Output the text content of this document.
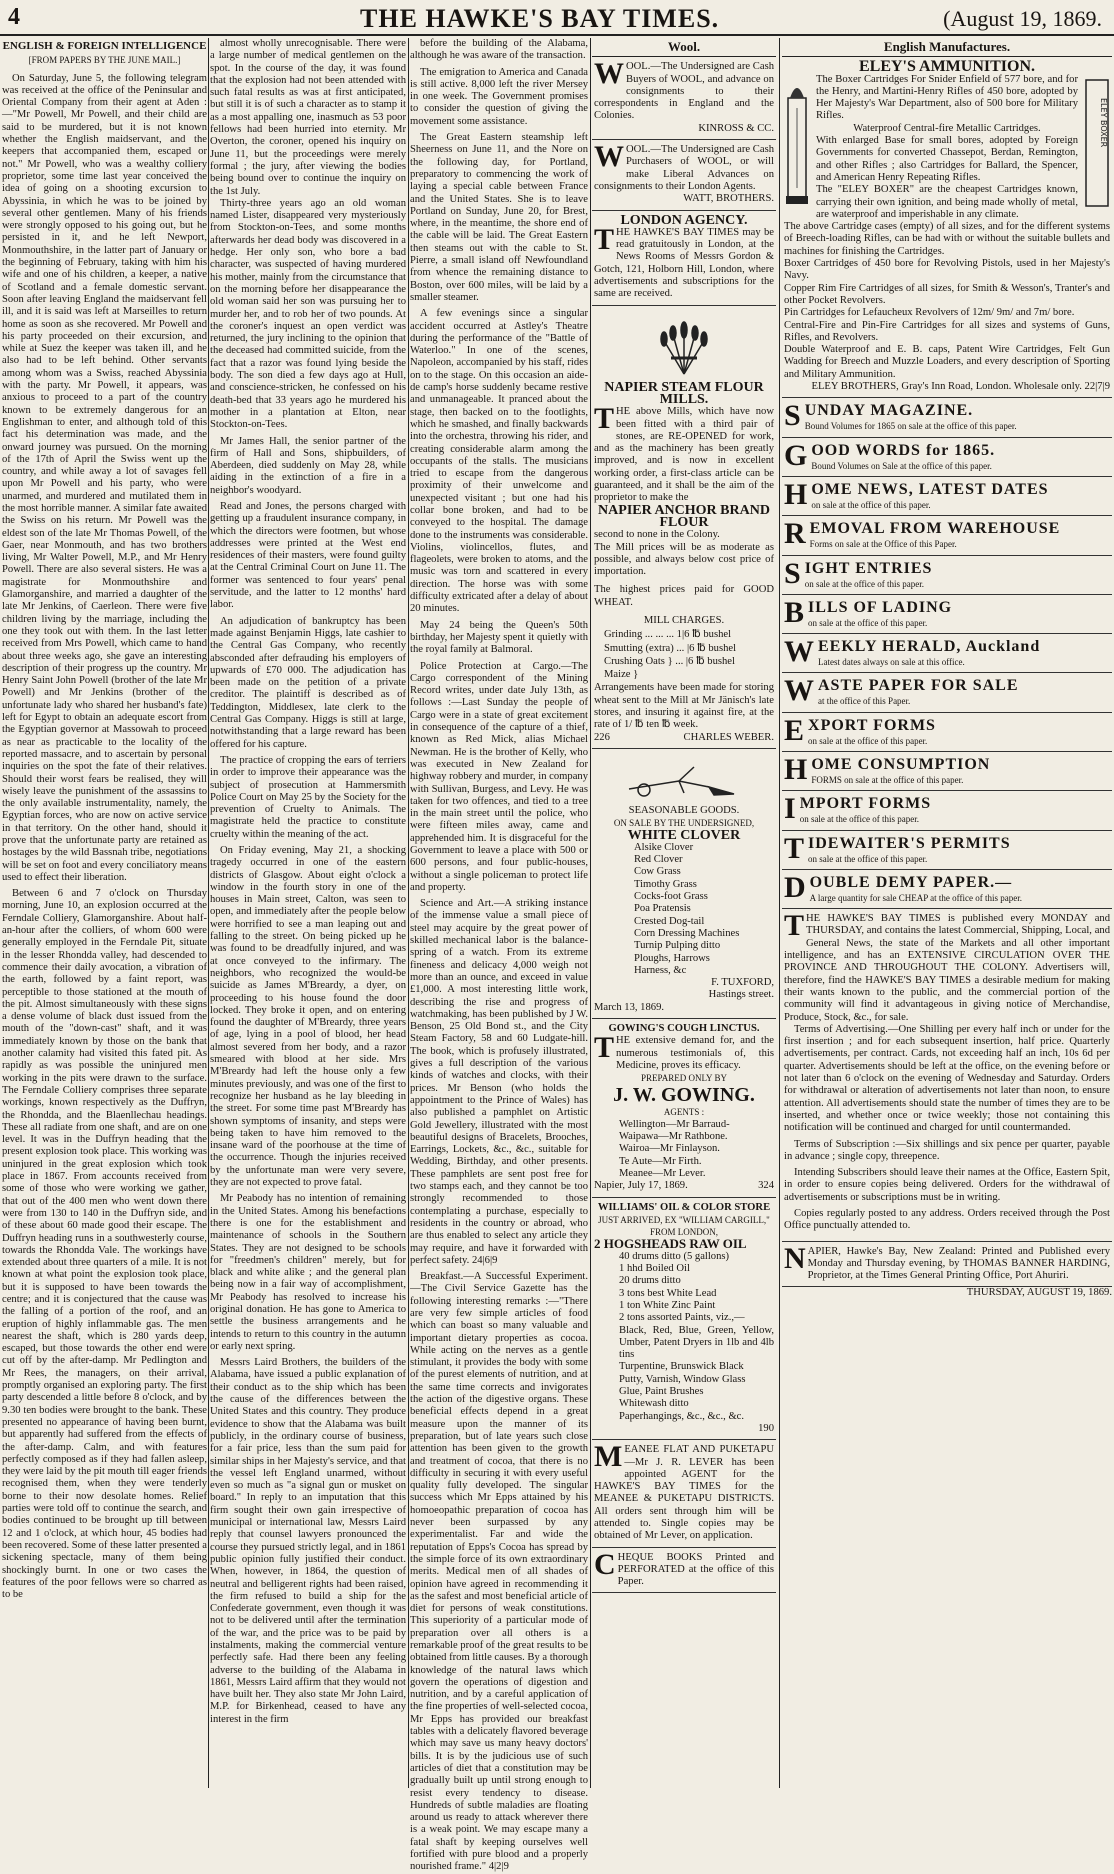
4	THE HAWKE'S BAY TIMES.	(August 19, 1869.
ENGLISH & FOREIGN INTELLIGENCE
[FROM PAPERS BY THE JUNE MAIL.]

On Saturday, June 5, the following telegram was received at the office of the Peninsular and Oriental Company from their agent at Aden :—"Mr Powell, Mr Powell, and their child are said to be murdered, but it is not known whether the English maidservant, and the keepers that accompanied them, escaped or not." Mr Powell, who was a wealthy colliery proprietor, some time last year conceived the idea of going on a shooting excursion to Abyssinia, in which he was to be joined by several other gentlemen. Many of his friends were strongly opposed to his going out, but he persisted in it, and he left Newport, Monmouthshire, in the latter part of January or the beginning of February, taking with him his wife and one of his children, a keeper, a native of Scotland and a female domestic servant. Soon after leaving England the maidservant fell ill, and it is said was left at Marseilles to return home as soon as she recovered. Mr Powell and his party proceeded on their excursion, and while at Suez the keeper was taken ill, and he also had to be left behind. Other servants among whom was a Swiss, reached Abyssinia with the party. Mr Powell, it appears, was anxious to proceed to a part of the country known to be extremely dangerous for an Englishman to enter, and although told of this fact his determination was made, and the onward journey was pursued. On the morning of the 17th of April the Swiss went up the country, and while away a lot of savages fell upon Mr Powell and his party, who were unarmed, and murdered and mutilated them in the most horrible manner. A similar fate awaited the Swiss on his return. Mr Powell was the eldest son of the late Mr Thomas Powell, of the Gaer, near Monmouth, and has two brothers living, Mr Walter Powell, M.P., and Mr Henry Powell. There are also several sisters. He was a magistrate for Monmouthshire and Glamorganshire, and married a daughter of the late Mr Jenkins, of Caerleon. There were five children living by the marriage, including the one they took out with them. In the last letter received from Mrs Powell, which came to hand about three weeks ago, she gave an interesting description of their progress up the country. Mr Henry Saint John Powell (brother of the late Mr Powell) and Mr Jenkins (brother of the unfortunate lady who shared her husband's fate) left for Egypt to obtain an adequate escort from the Egyptian governor at Massowah to proceed as near as practicable to the locality of the reported massacre, and to ascertain by personal inquiries on the spot the fate of their relatives. Should their worst fears be realised, they will wisely leave the punishment of the assassins to the only available instrumentality, namely, the Egyptian forces, who are now on active service in that territory. On the other hand, should it prove that the unfortunate party are retained as hostages by the wild Bassnah tribe, negotiations will be set on foot and every conciliatory means used to effect their liberation.

Between 6 and 7 o'clock on Thursday morning, June 10, an explosion occurred at the Ferndale Colliery, Glamorganshire. About half-an-hour after the colliers, of whom 600 were generally employed in the Ferndale Pit, situate in the lesser Rhondda valley, had descended to commence their daily avocation, a vibration of the earth, followed by a faint report, was perceptible to those stationed at the mouth of the pit. Almost simultaneously with these signs a dense volume of black dust issued from the mouth of the "down-cast" shaft, and it was immediately known by those on the bank that another calamity had visited this fated pit. As rapidly as was possible the uninjured men working in the pits were drawn to the surface. The Ferndale Colliery comprises three separate workings, known respectively as the Duffryn, the Rhondda, and the Blaenllechau headings. These all radiate from one shaft, and are on one level. It was in the Duffryn heading that the present explosion took place. This working was uninjured in the great explosion which took place in 1867. From accounts received from some of those who were working we gather, that out of the 400 men who went down there were from 130 to 140 in the Duffryn side, and of these about 60 made good their escape. The Duffryn heading runs in a southwesterly course, towards the Rhondda Vale. The workings have extended about three quarters of a mile. It is not known at what point the explosion took place, but it is supposed to have been towards the centre; and it is conjectured that the cause was the falling of a portion of the roof, and an eruption of highly inflammable gas. The men nearest the shaft, which is 280 yards deep, escaped, but those towards the other end were cut off by the after-damp. Mr Pedlington and Mr Rees, the managers, on their arrival, promptly organised an exploring party. The first party descended a little before 8 o'clock, and by 9.30 ten bodies were brought to the bank. These presented no appearance of having been burnt, but apparently had suffered from the effects of the after-damp. Calm, and with features perfectly composed as if they had fallen asleep, they were laid by the pit mouth till eager friends recognised them, when they were tenderly borne to their now desolate homes. Relief parties were told off to continue the search, and bodies continued to be brought up till between 12 and 1 o'clock, at which hour, 45 bodies had been recovered. Some of these latter presented a sickening spectacle, many of them being shockingly burnt. In one or two cases the features of the poor fellows were so charred as to be

almost wholly unrecognisable. There were a large number of medical gentlemen on the spot. In the course of the day, it was found that the explosion had not been attended with such fatal results as was at first anticipated, but still it is of such a character as to stamp it as a most appalling one, inasmuch as 53 poor fellows had been hurried into eternity. Mr Overton, the coroner, opened his inquiry on June 11, but the proceedings were merely formal ; the jury, after viewing the bodies being bound over to continue the inquiry on the 1st July.

Thirty-three years ago an old woman named Lister, disappeared very mysteriously from Stockton-on-Tees, and some months afterwards her dead body was discovered in a hedge. Her only son, who bore a bad character, was suspected of having murdered his mother, mainly from the circumstance that on the morning before her disappearance the old woman said her son was pursuing her to murder her, and to rob her of two pounds. At the coroner's inquest an open verdict was returned, the jury inclining to the opinion that the deceased had committed suicide, from the fact that a razor was found lying beside the body. The son died a few days ago at Hull, and conscience-stricken, he confessed on his death-bed that 33 years ago he murdered his mother in a plantation at Elton, near Stockton-on-Tees.

Mr James Hall, the senior partner of the firm of Hall and Sons, shipbuilders, of Aberdeen, died suddenly on May 28, while aiding in the extinction of a fire in a neighbor's woodyard.

Read and Jones, the persons charged with getting up a fraudulent insurance company, in which the directors were footmen, but whose addresses were printed at the West end residences of their masters, were found guilty at the Central Criminal Court on June 11. The former was sentenced to four years' penal servitude, and the latter to 12 months' hard labor.

An adjudication of bankruptcy has been made against Benjamin Higgs, late cashier to the Central Gas Company, who recently absconded after defrauding his employers of upwards of £70 000. The adjudication has been made on the petition of a private creditor. The plaintiff is described as of Teddington, Middlesex, late clerk to the Central Gas Company. Higgs is still at large, notwithstanding that a large reward has been offered for his capture.

The practice of cropping the ears of terriers in order to improve their appearance was the subject of prosecution at Hammersmith Police Court on May 25 by the Society for the prevention of Cruelty to Animals. The magistrate held the practice to constitute cruelty within the meaning of the act.

On Friday evening, May 21, a shocking tragedy occurred in one of the eastern districts of Glasgow. About eight o'clock a window in the fourth story in one of the houses in Main street, Calton, was seen to open, and immediately after the people below were horrified to see a man leaping out and falling to the street. On being picked up he was found to be dreadfully injured, and was at once conveyed to the infirmary. The neighbors, who recognized the would-be suicide as James M'Breardy, a dyer, on proceeding to his house found the door locked. They broke it open, and on entering found the daughter of M'Breardy, three years of age, lying in a pool of blood, her head almost severed from her body, and a razor smeared with blood at her side. Mrs M'Breardy had left the house only a few minutes previously, and was one of the first to recognize her husband as he lay bleeding in the street. For some time past M'Breardy has shown symptoms of insanity, and steps were being taken to have him removed to the insane ward of the poorhouse at the time of the occurrence. Though the injuries received by the unfortunate man were very severe, they are not expected to prove fatal.

Mr Peabody has no intention of remaining in the United States. Among his benefactions there is one for the establishment and maintenance of schools in the Southern States. They are not designed to be schools for "freedmen's children" merely, but for black and white alike ; and the general plan being now in a fair way of accomplishment, Mr Peabody has resolved to increase his original donation. He has gone to America to settle the business arrangements and he intends to return to this country in the autumn or early next spring.

Messrs Laird Brothers, the builders of the Alabama, have issued a public explanation of their conduct as to the ship which has been the cause of the differences between the United States and this country. They produce evidence to show that the Alabama was built publicly, in the ordinary course of business, for a fair price, less than the sum paid for similar ships in her Majesty's service, and that the vessel left England unarmed, without even so much as "a signal gun or musket on board." In reply to an imputation that this firm sought their own gain irrespective of municipal or international law, Messrs Laird reply that counsel lawyers pronounced the course they pursued strictly legal, and in 1861 public opinion fully justified their conduct. When, however, in 1864, the question of neutral and belligerent rights had been raised, the firm refused to build a ship for the Confederate government, even though it was not to be delivered until after the termination of the war, and the price was to be paid by instalments, making the commercial venture perfectly safe. Had there been any feeling adverse to the building of the Alabama in 1861, Messrs Laird affirm that they would not have built her. They also state Mr John Laird, M.P. for Birkenhead, ceased to have any interest in the firm

before the building of the Alabama, although he was aware of the transaction.

The emigration to America and Canada is still active. 8,000 left the river Mersey in one week. The Government promises to consider the question of giving the movement some assistance.

The Great Eastern steamship left Sheerness on June 11, and the Nore on the following day, for Portland, preparatory to commencing the work of laying a special cable between France and the United States. She is to leave Portland on Sunday, June 20, for Brest, where, in the meantime, the shore end of the cable will be laid. The Great Eastern then steams out with the cable to St. Pierre, a small island off Newfoundland from whence the remaining distance to Boston, over 600 miles, will be laid by a smaller steamer.

A few evenings since a singular accident occurred at Astley's Theatre during the performance of the "Battle of Waterloo." In one of the scenes, Napoleon, accompanied by his staff, rides on to the stage. On this occasion an aide-de camp's horse suddenly became restive and unmanageable. It pranced about the stage, then backed on to the footlights, which he smashed, and finally backwards into the orchestra, throwing his rider, and creating considerable alarm among the occupants of the stalls. The musicians tried to escape from the dangerous proximity of their unwelcome and unexpected visitant ; but one had his collar bone broken, and had to be conveyed to the hospital. The damage done to the instruments was considerable. Violins, violincellos, flutes, and flageolets, were broken to atoms, and the music was torn and scattered in every direction. The horse was with some difficulty extricated after a delay of about 20 minutes.

May 24 being the Queen's 50th birthday, her Majesty spent it quietly with the royal family at Balmoral.

Police Protection at Cargo.—The Cargo correspondent of the Mining Record writes, under date July 13th, as follows :—Last Sunday the people of Cargo were in a state of great excitement in consequence of the capture of a thief, known as Red Mick, alias Michael Newman. He is the brother of Kelly, who was executed in New Zealand for highway robbery and murder, in company with Sullivan, Burgess, and Levy. He was taken for two offences, and tied to a tree in the main street until the police, who were fifteen miles away, came and apprehended him. It is disgraceful for the Government to leave a place with 500 or 600 persons, and four public-houses, without a single policeman to protect life and property.

Science and Art.—A striking instance of the immense value a small piece of steel may acquire by the great power of skilled mechanical labor is the balance-spring of a watch. From its extreme fineness and delicacy 4,000 weigh not more than an ounce, and exceed in value £1,000. A most interesting little work, describing the rise and progress of watchmaking, has been published by J W. Benson, 25 Old Bond st., and the City Steam Factory, 58 and 60 Ludgate-hill. The book, which is profusely illustrated, gives a full description of the various kinds of watches and clocks, with their prices. Mr Benson (who holds the appointment to the Prince of Wales) has also published a pamphlet on Artistic Gold Jewellery, illustrated with the most beautiful designs of Bracelets, Brooches, Earrings, Lockets, &c., &c., suitable for Wedding, Birthday, and other presents. These pamphlets are sent post free for two stamps each, and they cannot be too strongly recommended to those contemplating a purchase, especially to residents in the country or abroad, who are thus enabled to select any article they may require, and have it forwarded with perfect safety. 24|6|9

Breakfast.—A Successful Experiment.—The Civil Service Gazette has the following interesting remarks :—"There are very few simple articles of food which can boast so many valuable and important dietary properties as cocoa. While acting on the nerves as a gentle stimulant, it provides the body with some of the purest elements of nutrition, and at the same time corrects and invigorates the action of the digestive organs. These beneficial effects depend in a great measure upon the manner of its preparation, but of late years such close attention has been given to the growth and treatment of cocoa, that there is no difficulty in securing it with every useful quality fully developed. The singular success which Mr Epps attained by his homoeopathic preparation of cocoa has never been surpassed by any experimentalist. Far and wide the reputation of Epps's Cocoa has spread by the simple force of its own extraordinary merits. Medical men of all shades of opinion have agreed in recommending it as the safest and most beneficial article of diet for persons of weak constitutions. This superiority of a particular mode of preparation over all others is a remarkable proof of the great results to be obtained from little causes. By a thorough knowledge of the natural laws which govern the operations of digestion and nutrition, and by a careful application of the fine properties of well-selected cocoa, Mr Epps has provided our breakfast tables with a delicately flavored beverage which may save us many heavy doctors' bills. It is by the judicious use of such articles of diet that a constitution may be gradually built up until strong enough to resist every tendency to disease. Hundreds of subtle maladies are floating around us ready to attack wherever there is a weak point. We may escape many a fatal shaft by keeping ourselves well fortified with pure blood and a properly nourished frame." 4|2|9

Wool.
W OOL.—The Undersigned are Cash Buyers of WOOL, and advance on consignments to their correspondents in England and the Colonies.
KINROSS & CC.
W OOL.—The Undersigned are Cash Purchasers of WOOL, or will make Liberal Advances on consignments to their London Agents.
WATT, BROTHERS.
LONDON AGENCY.
T HE HAWKE'S BAY TIMES may be read gratuitously in London, at the News Rooms of Messrs Gordon & Gotch, 121, Holborn Hill, London, where advertisements and subscriptions for the same are received.
NAPIER STEAM FLOUR MILLS.
T HE above Mills, which have now been fitted with a third pair of stones, are RE-OPENED for work, and as the machinery has been greatly improved, and is now in excellent working order, a first-class article can be guaranteed, and it shall be the aim of the proprietor to make the
NAPIER ANCHOR BRAND FLOUR
second to none in the Colony.
The Mill prices will be as moderate as possible, and always below cost price of importation.
The highest prices paid for GOOD WHEAT.
MILL CHARGES.
Grinding ... ... ... 1|6 ℔ bushel
Smutting (extra) ... |6 ℔ bushel
Crushing Oats } ... |6 ℔ bushel
Maize }
Arrangements have been made for storing wheat sent to the Mill at Mr Jänisch's late stores, and insuring it against fire, at the rate of 1/ ℔ ten ℔ week.
226	CHARLES WEBER.
SEASONABLE GOODS.
ON SALE BY THE UNDERSIGNED,
WHITE CLOVER
Alsike Clover
Red Clover
Cow Grass
Timothy Grass
Cocks-foot Grass
Poa Pratensis
Crested Dog-tail
Corn Dressing Machines
Turnip Pulping ditto
Ploughs, Harrows
Harness, &c
F. TUXFORD,
Hastings street.
March 13, 1869.
GOWING'S COUGH LINCTUS.
T HE extensive demand for, and the numerous testimonials of, this Medicine, proves its efficacy.
PREPARED ONLY BY
J. W. GOWING.
AGENTS :
Wellington—Mr Barraud-
Waipawa—Mr Rathbone.
Wairoa—Mr Finlayson.
Te Aute—Mr Firth.
Meanee—Mr Lever.
Napier, July 17, 1869.	324
WILLIAMS' OIL & COLOR STORE
JUST ARRIVED, EX "WILLIAM CARGILL,"
FROM LONDON,
2 HOGSHEADS RAW OIL
40 drums ditto (5 gallons)
1 hhd Boiled Oil
20 drums ditto
3 tons best White Lead
1 ton White Zinc Paint
2 tons assorted Paints, viz.,—
Black, Red, Blue, Green, Yellow, Umber, Patent Dryers in 1lb and 4lb tins
Turpentine, Brunswick Black
Putty, Varnish, Window Glass
Glue, Paint Brushes
Whitewash ditto
Paperhangings, &c., &c., &c.
190
M EANEE FLAT AND PUKETAPU —Mr J. R. LEVER has been appointed AGENT for the HAWKE'S BAY TIMES for the MEANEE & PUKETAPU DISTRICTS. All orders sent through him will be attended to. Single copies may be obtained of Mr Lever, on application.
C HEQUE BOOKS Printed and PERFORATED at the office of this Paper.
English Manufactures.
ELEY'S AMMUNITION.
ELEY BOXER
The Boxer Cartridges For Snider Enfield of 577 bore, and for the Henry, and Martini-Henry Rifles of 450 bore, adopted by Her Majesty's War Department, also of 500 bore for Military Rifles.
Waterproof Central-fire Metallic Cartridges.
With enlarged Base for small bores, adopted by Foreign Governments for converted Chassepot, Berdan, Remington, and other Rifles ; also Cartridges for Ballard, the Spencer, and American Henry Repeating Rifles.
The "ELEY BOXER" are the cheapest Cartridges known, carrying their own ignition, and being made wholly of metal, are waterproof and imperishable in any climate.
The above Cartridge cases (empty) of all sizes, and for the different systems of Breech-loading Rifles, can be had with or without the suitable bullets and machines for finishing the Cartridges.
Boxer Cartridges of 450 bore for Revolving Pistols, used in her Majesty's Navy.
Copper Rim Fire Cartridges of all sizes, for Smith & Wesson's, Tranter's and other Pocket Revolvers.
Pin Cartridges for Lefaucheux Revolvers of 12m/ 9m/ and 7m/ bore.
Central-Fire and Pin-Fire Cartridges for all sizes and systems of Guns, Rifles, and Revolvers.
Double Waterproof and E. B. caps, Patent Wire Cartridges, Felt Gun Wadding for Breech and Muzzle Loaders, and every description of Sporting and Military Ammunition.
ELEY BROTHERS, Gray's Inn Road, London. Wholesale only. 22|7|9
SUNDAY MAGAZINE.
Bound Volumes for 1865 on sale at the office of this paper.
GOOD WORDS for 1865.
Bound Volumes on Sale at the office of this paper.
HOME NEWS, LATEST DATES
on sale at the office of this paper.
REMOVAL FROM WAREHOUSE
Forms on sale at the Office of this Paper.
SIGHT ENTRIES
on sale at the office of this paper.
BILLS OF LADING
on sale at the office of this paper.
WEEKLY HERALD, Auckland
Latest dates always on sale at this office.
WASTE PAPER FOR SALE
at the office of this Paper.
EXPORT FORMS
on sale at the office of this paper.
HOME CONSUMPTION
FORMS on sale at the office of this paper.
IMPORT FORMS
on sale at the office of this paper.
TIDEWAITER'S PERMITS
on sale at the office of this paper.
DOUBLE DEMY PAPER.—
A large quantity for sale CHEAP at the office of this paper.
T HE HAWKE'S BAY TIMES is published every MONDAY and THURSDAY, and contains the latest Commercial, Shipping, Local, and General News, the state of the Markets and all other important intelligence, and has an EXTENSIVE CIRCULATION OVER THE PROVINCE AND THROUGHOUT THE COLONY. Advertisers will, therefore, find the HAWKE'S BAY TIMES a desirable medium for making their wants known to the public, and the commercial portion of the community will find it advantageous in giving notice of Merchandise, Produce, Stock, &c., for sale.

Terms of Advertising.—One Shilling per every half inch or under for the first insertion ; and for each subsequent insertion, half price. Quarterly advertisements, per contract. Cards, not exceeding half an inch, 10s 6d per quarter. Advertisements should be left at the office, on the evening before or not later than 6 o'clock on the evening of Wednesday and Saturday. Orders for withdrawal or alteration of advertisements not later than noon, to ensure attention. All advertisements should state the number of times they are to be inserted, and whether once or twice weekly; those not containing this notification will be continued and charged for until countermanded.

Terms of Subscription :—Six shillings and six pence per quarter, payable in advance ; single copy, threepence.

Intending Subscribers should leave their names at the Office, Eastern Spit, in order to ensure copies being delivered. Orders for the withdrawal of advertisements or subscriptions must be in writing.

Copies regularly posted to any address. Orders received through the Post Office punctually attended to.

N APIER, Hawke's Bay, New Zealand: Printed and Published every Monday and Thursday evening, by THOMAS BANNER HARDING, Proprietor, at the Times General Printing Office, Port Ahuriri.
THURSDAY, AUGUST 19, 1869.
